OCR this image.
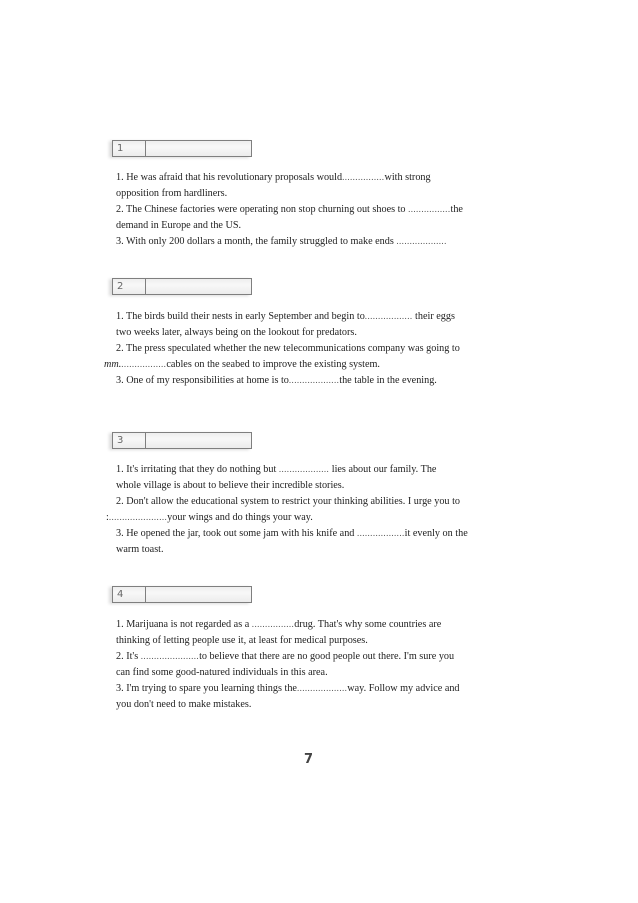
1
1. He was afraid that his revolutionary proposals would................with strong
opposition from hardliners.
2. The Chinese factories were operating non stop churning out shoes to ................the
demand in Europe and the US.
3. With only 200 dollars a month, the family struggled to make ends ...................
2
1. The birds build their nests in early September and begin to.................. their eggs
two weeks later, always being on the lookout for predators.
2. The press speculated whether the new telecommunications company was going to
mm..................cables on the seabed to improve the existing system.
3. One of my responsibilities at home is to...................the table in the evening.
3
1. It's irritating that they do nothing but ................... lies about our family. The
whole village is about to believe their incredible stories.
2. Don't allow the educational system to restrict your thinking abilities. I urge you to
:......................your wings and do things your way.
3. He opened the jar, took out some jam with his knife and ..................it evenly on the
warm toast.
4
1. Marijuana is not regarded as a ................drug. That's why some countries are
thinking of letting people use it, at least for medical purposes.
2. It's ......................to believe that there are no good people out there. I'm sure you
can find some good-natured individuals in this area.
3. I'm trying to spare you learning things the...................way. Follow my advice and
you don't need to make mistakes.
7
